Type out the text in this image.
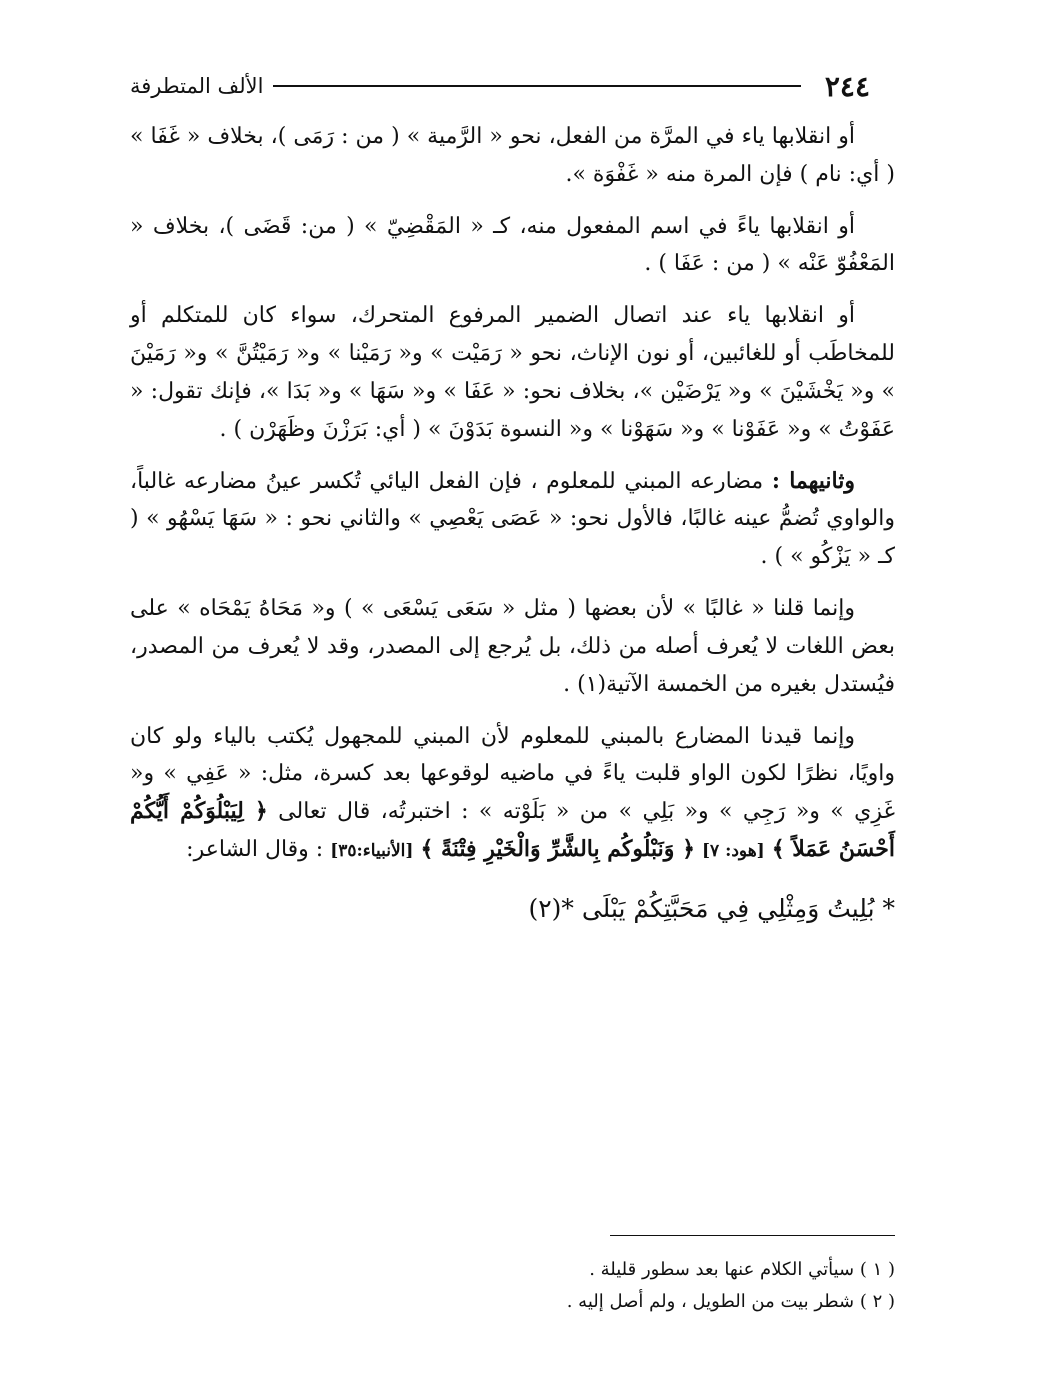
٢٤٤
الألف المتطرفة

أو انقلابها ياء في المرَّة من الفعل، نحو « الرَّمية » ( من : رَمَى )، بخلاف « غَفَا » ( أي: نام ) فإن المرة منه « غَفْوَة ».

أو انقلابها ياءً في اسم المفعول منه، كـ « المَقْضِيّ » ( من: قَضَى )، بخلاف « المَعْفُوّ عَنْه » ( من : عَفَا ) .

أو انقلابها ياء عند اتصال الضمير المرفوع المتحرك، سواء كان للمتكلم أو للمخاطَب أو للغائبين، أو نون الإناث، نحو « رَمَيْت » و« رَمَيْنا » و« رَمَيْتُنَّ » و« رَمَيْنَ » و« يَخْشَيْنَ » و« يَرْضَيْن »، بخلاف نحو: « عَفَا » و« سَهَا » و« بَدَا »، فإنك تقول: « عَفَوْتُ » و« عَفَوْنا » و« سَهَوْنا » و« النسوة بَدَوْنَ » ( أي: بَرَزْنَ وظَهَرْن ) .

وثانيهما : مضارعه المبني للمعلوم ، فإن الفعل اليائي تُكسر عينُ مضارعه غالباً، والواوي تُضمُّ عينه غالبًا، فالأول نحو: « عَصَى يَعْصِي » والثاني نحو : « سَهَا يَسْهُو » ( كـ « يَزْكُو » ) .

وإنما قلنا « غالبًا » لأن بعضها ( مثل « سَعَى يَسْعَى » ) و« مَحَاهُ يَمْحَاه » على بعض اللغات لا يُعرف أصله من ذلك، بل يُرجع إلى المصدر، وقد لا يُعرف من المصدر، فيُستدل بغيره من الخمسة الآتية(١) .

وإنما قيدنا المضارع بالمبني للمعلوم لأن المبني للمجهول يُكتب بالياء ولو كان واويًا، نظرًا لكون الواو قلبت ياءً في ماضيه لوقوعها بعد كسرة، مثل: « عَفِي » و« غَزِي » و« رَجِي » و« بَلِي » من « بَلَوْته » : اختبرتُه، قال تعالى ﴿ لِيَبْلُوَكُمْ أَيُّكُمْ أَحْسَنُ عَمَلاً ﴾ [هود: ٧] ﴿ وَنَبْلُوكُم بِالشَّرِّ وَالْخَيْرِ فِتْنَةً ﴾ [الأنبياء:٣٥] : وقال الشاعر:

* بُلِيتُ وَمِثْلِي فِي مَحَبَّتِكُمْ يَبْلَى *(٢)

( ١ ) سيأتي الكلام عنها بعد سطور قليلة .

( ٢ ) شطر بيت من الطويل ، ولم أصل إليه .
